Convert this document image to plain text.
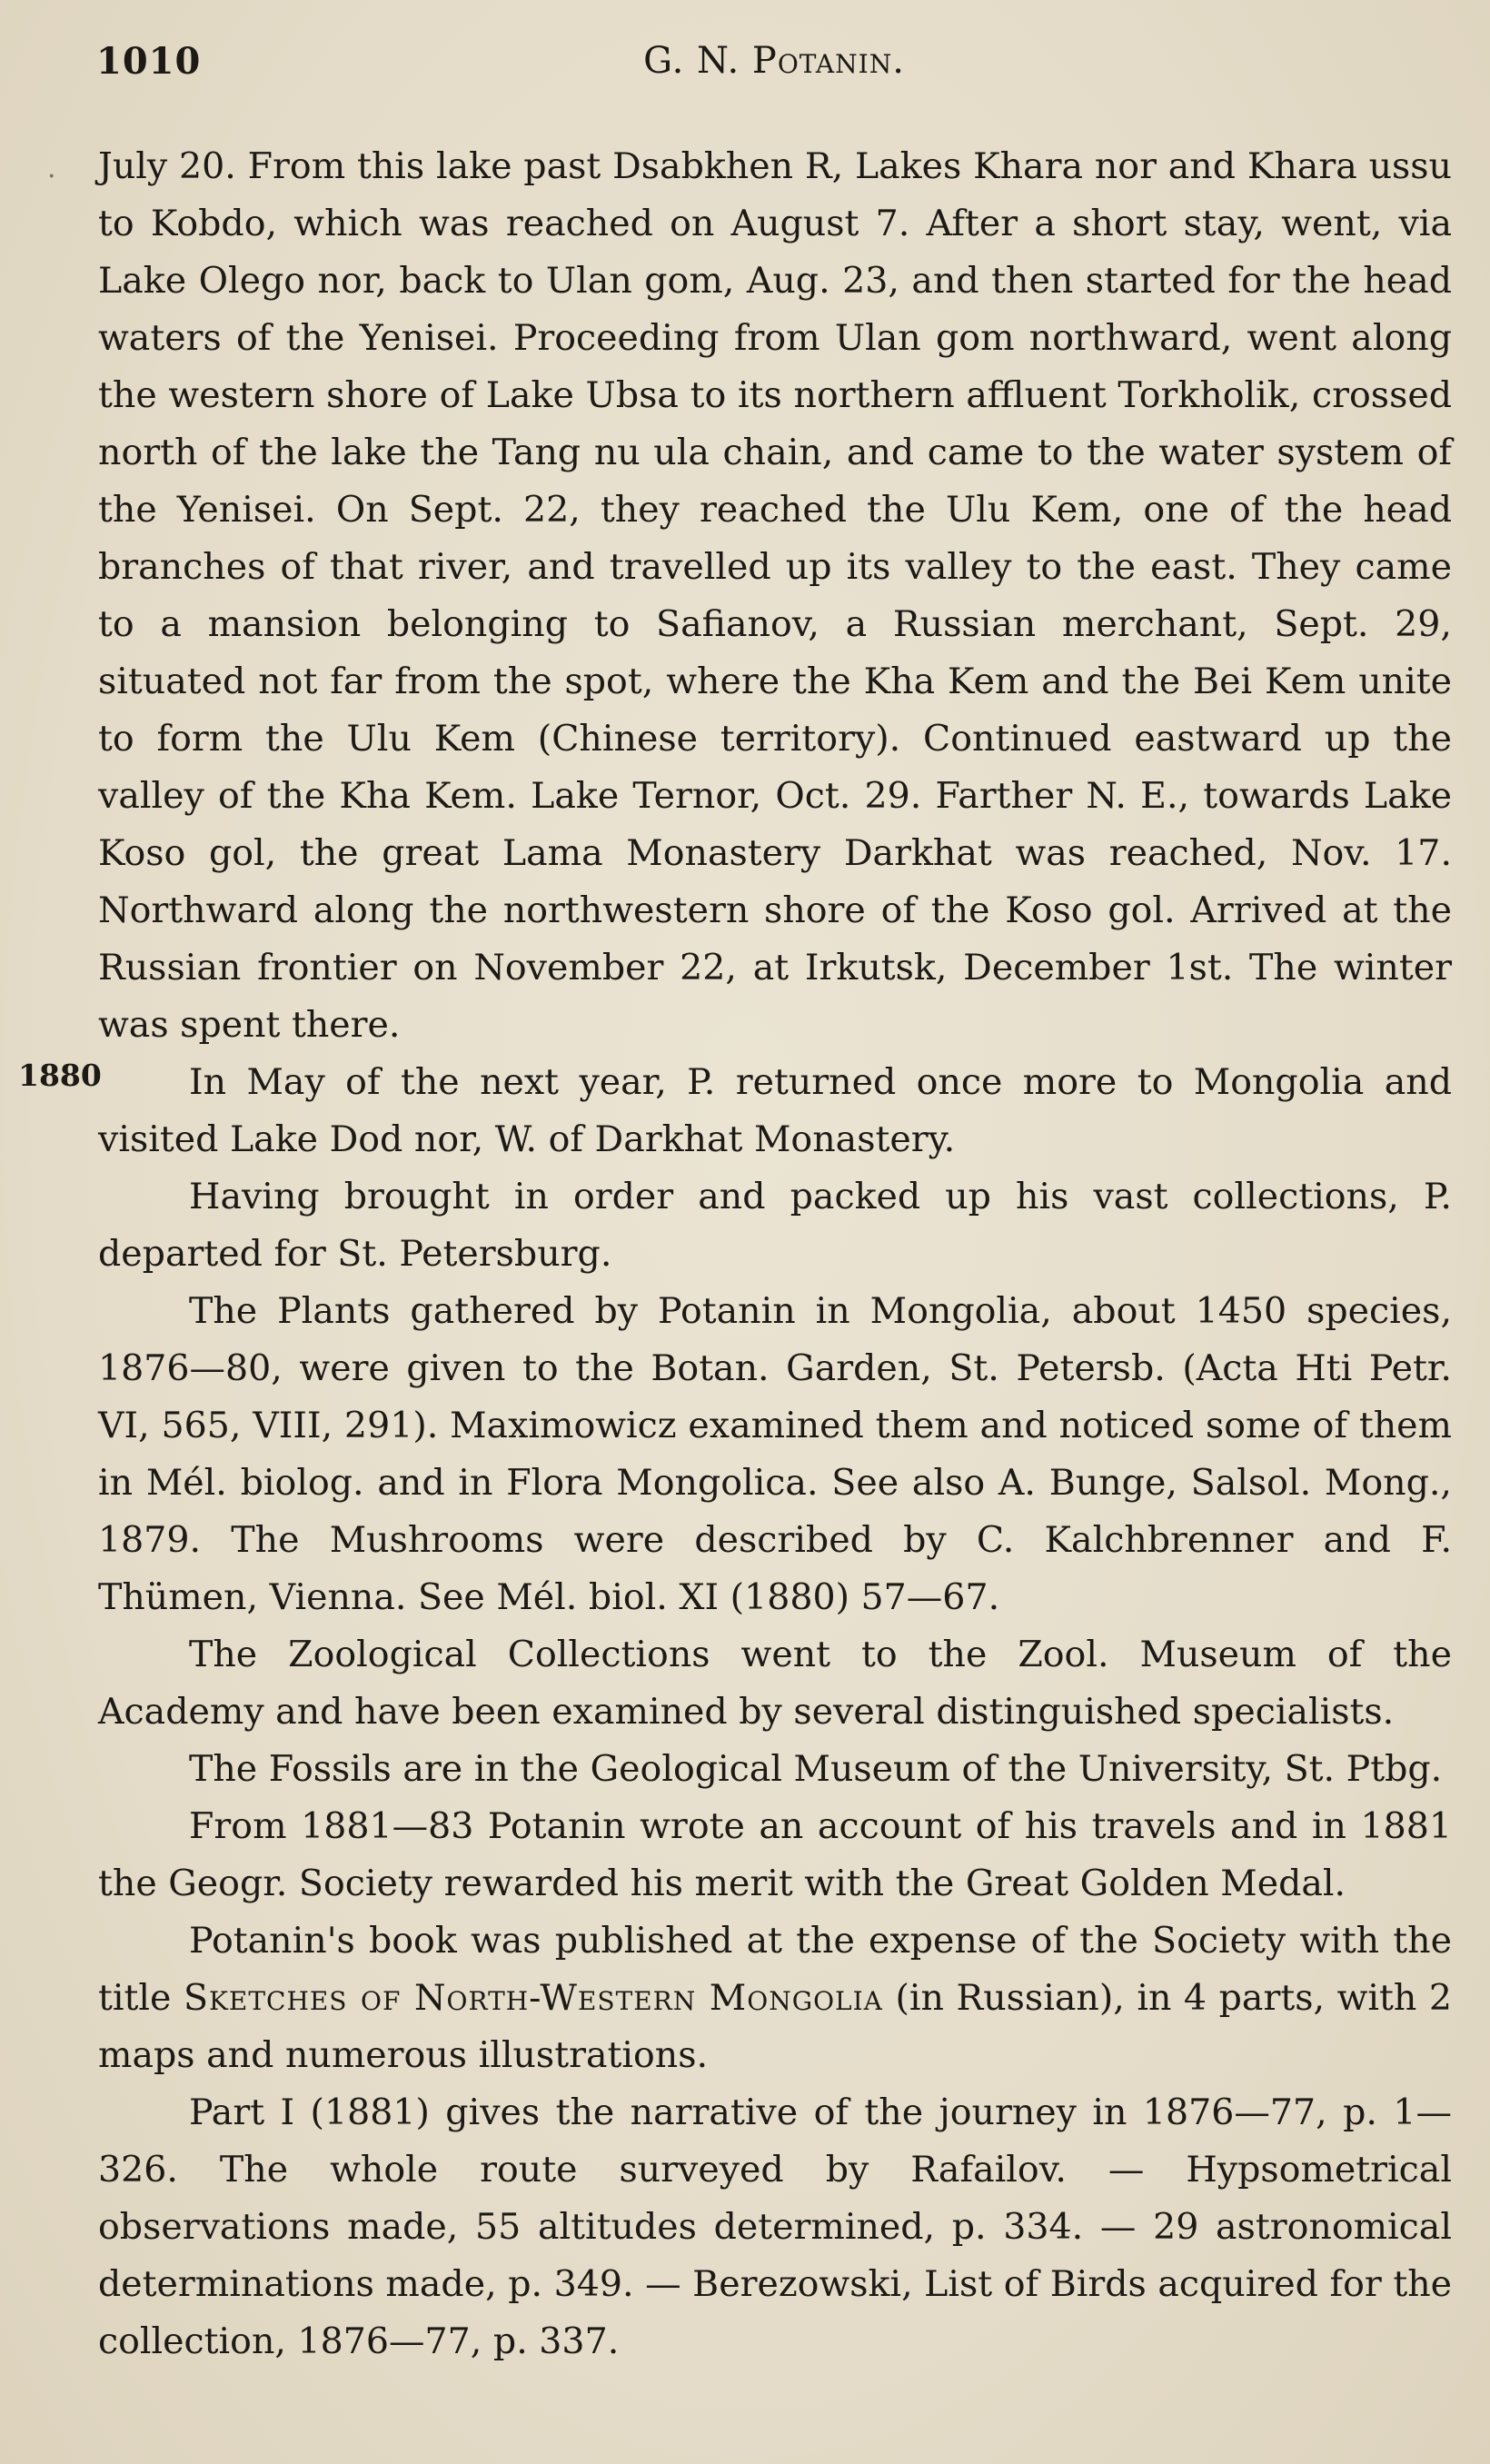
1010	G. N. Potanin.
.
1880

July 20. From this lake past Dsabkhen R, Lakes Khara nor and Khara ussu to Kobdo, which was reached on August 7. After a short stay, went, via Lake Olego nor, back to Ulan gom, Aug. 23, and then started for the head waters of the Yenisei. Proceeding from Ulan gom northward, went along the western shore of Lake Ubsa to its northern affluent Torkholik, crossed north of the lake the Tang nu ula chain, and came to the water system of the Yenisei. On Sept. 22, they reached the Ulu Kem, one of the head branches of that river, and travelled up its valley to the east. They came to a mansion belonging to Safianov, a Russian merchant, Sept. 29, situated not far from the spot, where the Kha Kem and the Bei Kem unite to form the Ulu Kem (Chinese territory). Continued eastward up the valley of the Kha Kem. Lake Ternor, Oct. 29. Farther N. E., towards Lake Koso gol, the great Lama Monastery Darkhat was reached, Nov. 17. Northward along the northwestern shore of the Koso gol. Arrived at the Russian frontier on November 22, at Irkutsk, December 1st. The winter was spent there.

In May of the next year, P. returned once more to Mongolia and visited Lake Dod nor, W. of Darkhat Monastery.

Having brought in order and packed up his vast collections, P. departed for St. Petersburg.

The Plants gathered by Potanin in Mongolia, about 1450 species, 1876—80, were given to the Botan. Garden, St. Petersb. (Acta Hti Petr. VI, 565, VIII, 291). Maximowicz examined them and noticed some of them in Mél. biolog. and in Flora Mongolica. See also A. Bunge, Salsol. Mong., 1879. The Mushrooms were described by C. Kalchbrenner and F. Thümen, Vienna. See Mél. biol. XI (1880) 57—67.

The Zoological Collections went to the Zool. Museum of the Academy and have been examined by several distinguished specialists.

The Fossils are in the Geological Museum of the University, St. Ptbg.

From 1881—83 Potanin wrote an account of his travels and in 1881 the Geogr. Society rewarded his merit with the Great Golden Medal.

Potanin's book was published at the expense of the Society with the title Sketches of North-Western Mongolia (in Russian), in 4 parts, with 2 maps and numerous illustrations.

Part I (1881) gives the narrative of the journey in 1876—77, p. 1—326. The whole route surveyed by Rafailov. — Hypsometrical observations made, 55 altitudes determined, p. 334. — 29 astronomical determinations made, p. 349. — Berezowski, List of Birds acquired for the collection, 1876—77, p. 337.
